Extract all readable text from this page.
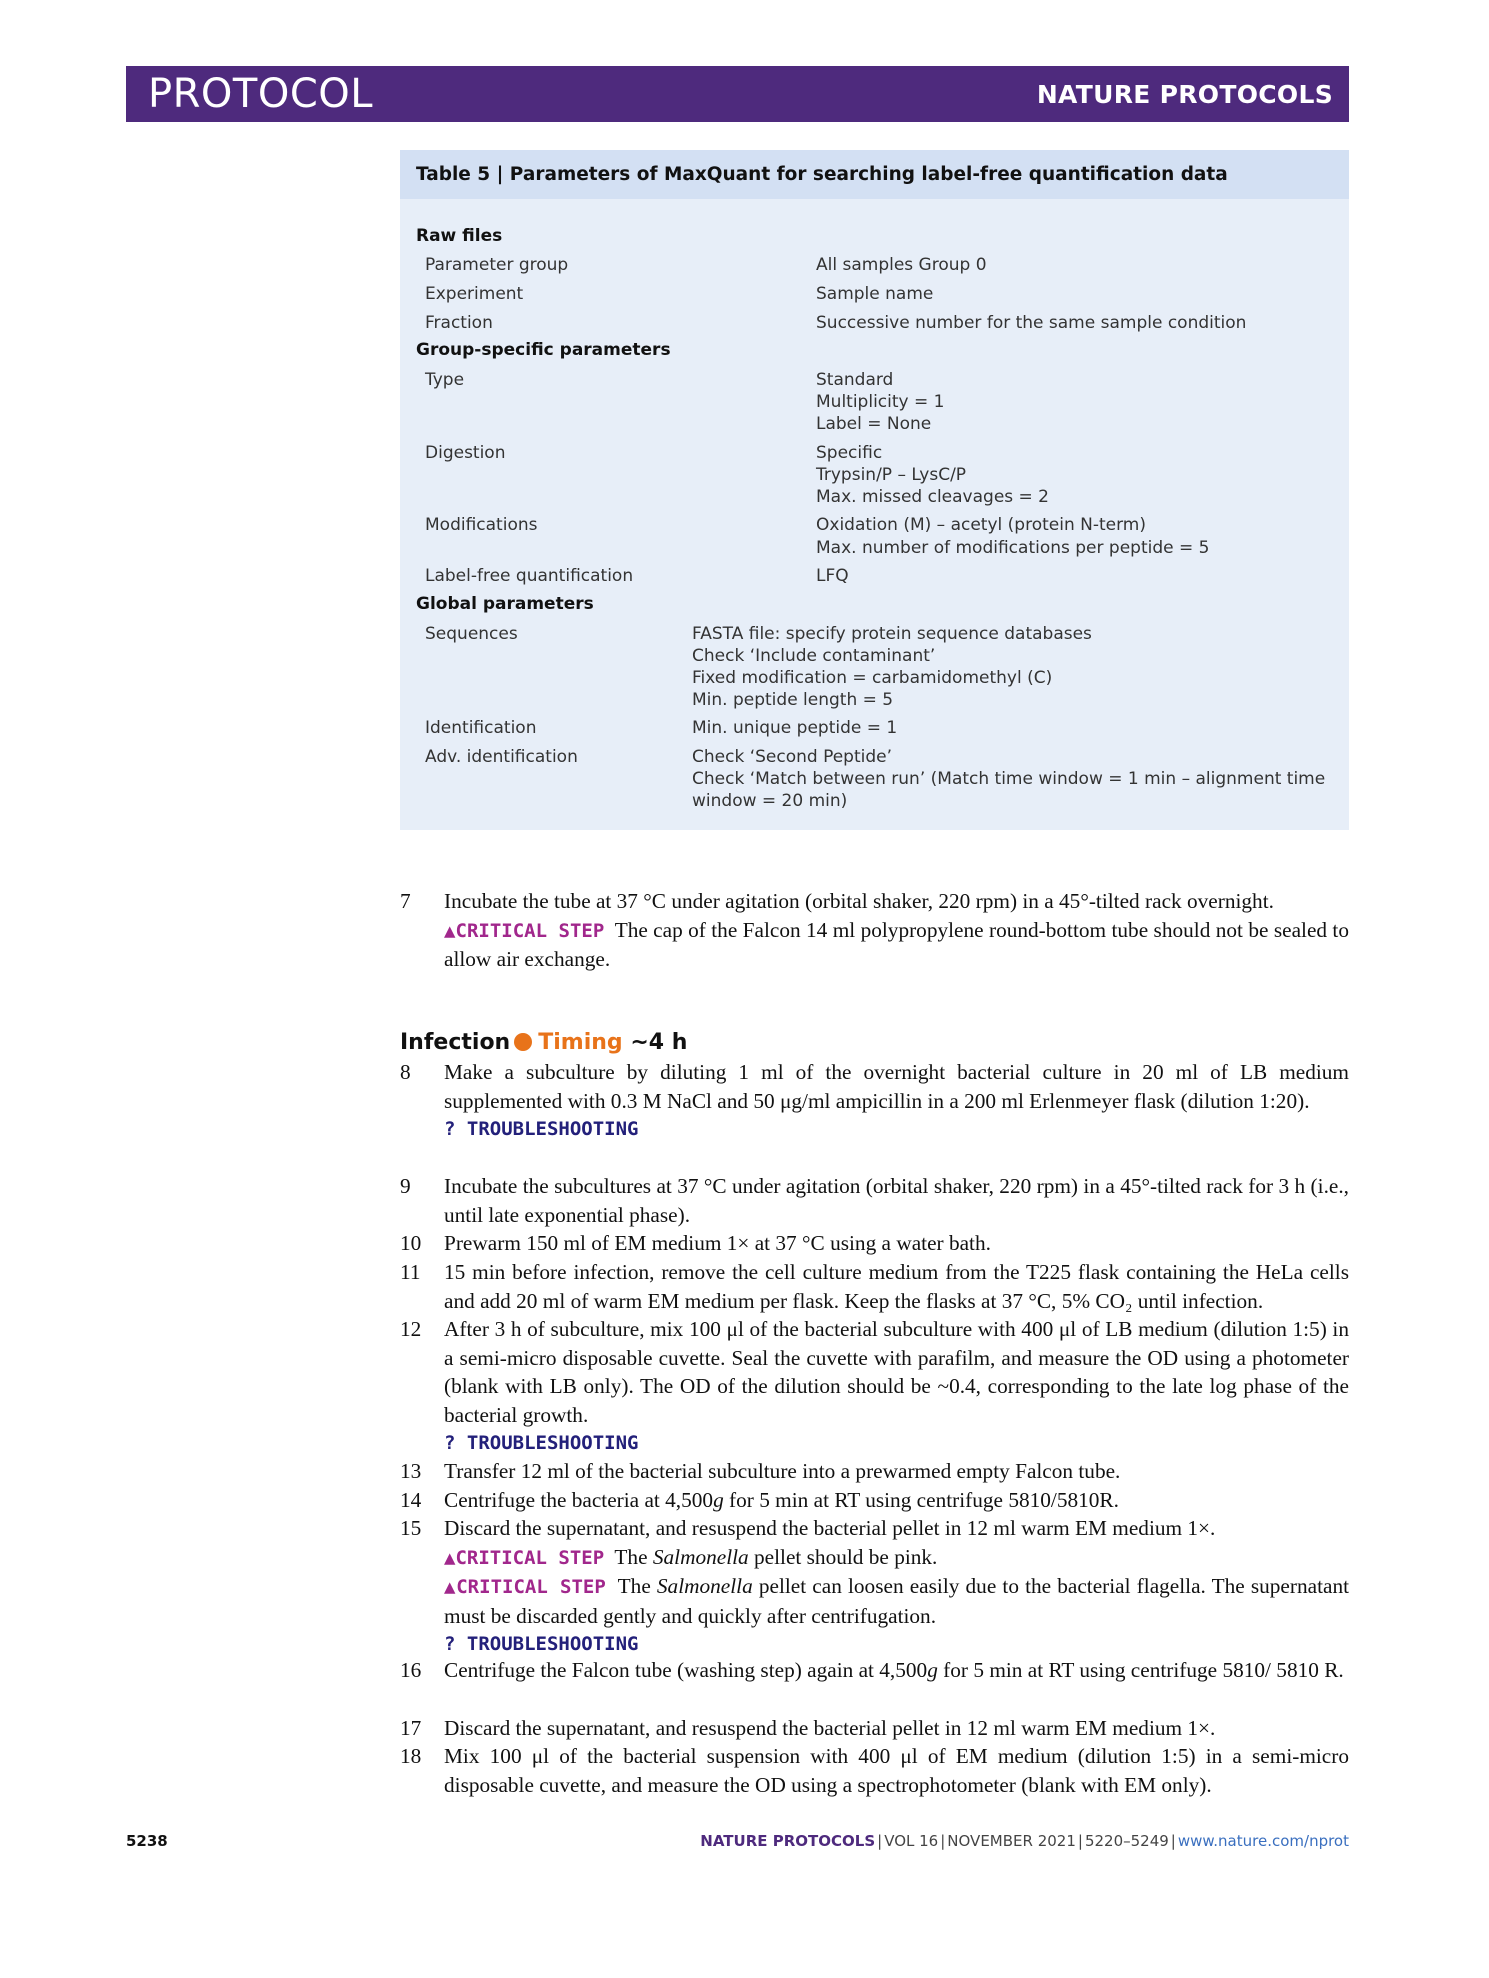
PROTOCOL	NATURE PROTOCOLS
Table 5 | Parameters of MaxQuant for searching label-free quantification data
Raw files
Parameter group	All samples Group 0
Experiment	Sample name
Fraction	Successive number for the same sample condition
Group-specific parameters
Type	Standard
Multiplicity = 1
Label = None
Digestion	Specific
Trypsin/P – LysC/P
Max. missed cleavages = 2
Modifications	Oxidation (M) – acetyl (protein N-term)
Max. number of modifications per peptide = 5
Label-free quantification	LFQ
Global parameters
Sequences	FASTA file: specify protein sequence databases
Check ‘Include contaminant’
Fixed modification = carbamidomethyl (C)
Min. peptide length = 5
Identification	Min. unique peptide = 1
Adv. identification	Check ‘Second Peptide’
Check ‘Match between run’ (Match time window = 1 min – alignment time
window = 20 min)
7	Incubate the tube at 37 °C under agitation (orbital shaker, 220 rpm) in a 45°-tilted rack overnight.
▲CRITICAL STEP The cap of the Falcon 14 ml polypropylene round-bottom tube should not be sealed to allow air exchange.
Infection Timing ~4 h
8	Make a subculture by diluting 1 ml of the overnight bacterial culture in 20 ml of LB medium supplemented with 0.3 M NaCl and 50 μg/ml ampicillin in a 200 ml Erlenmeyer flask (dilution 1:20).
? TROUBLESHOOTING
9	Incubate the subcultures at 37 °C under agitation (orbital shaker, 220 rpm) in a 45°-tilted rack for 3 h (i.e., until late exponential phase).
10	Prewarm 150 ml of EM medium 1× at 37 °C using a water bath.
11	15 min before infection, remove the cell culture medium from the T225 flask containing the HeLa cells and add 20 ml of warm EM medium per flask. Keep the flasks at 37 °C, 5% CO₂ until infection.
12	After 3 h of subculture, mix 100 μl of the bacterial subculture with 400 μl of LB medium (dilution 1:5) in a semi-micro disposable cuvette. Seal the cuvette with parafilm, and measure the OD using a photometer (blank with LB only). The OD of the dilution should be ~0.4, corresponding to the late log phase of the bacterial growth.
? TROUBLESHOOTING
13	Transfer 12 ml of the bacterial subculture into a prewarmed empty Falcon tube.
14	Centrifuge the bacteria at 4,500g for 5 min at RT using centrifuge 5810/5810R.
15	Discard the supernatant, and resuspend the bacterial pellet in 12 ml warm EM medium 1×.
▲CRITICAL STEP The Salmonella pellet should be pink.
▲CRITICAL STEP The Salmonella pellet can loosen easily due to the bacterial flagella. The supernatant must be discarded gently and quickly after centrifugation.
? TROUBLESHOOTING
16	Centrifuge the Falcon tube (washing step) again at 4,500g for 5 min at RT using centrifuge 5810/ 5810 R.
17	Discard the supernatant, and resuspend the bacterial pellet in 12 ml warm EM medium 1×.
18	Mix 100 μl of the bacterial suspension with 400 μl of EM medium (dilution 1:5) in a semi-micro disposable cuvette, and measure the OD using a spectrophotometer (blank with EM only).
5238	NATURE PROTOCOLS | VOL 16 | NOVEMBER 2021 | 5220–5249 | www.nature.com/nprot
